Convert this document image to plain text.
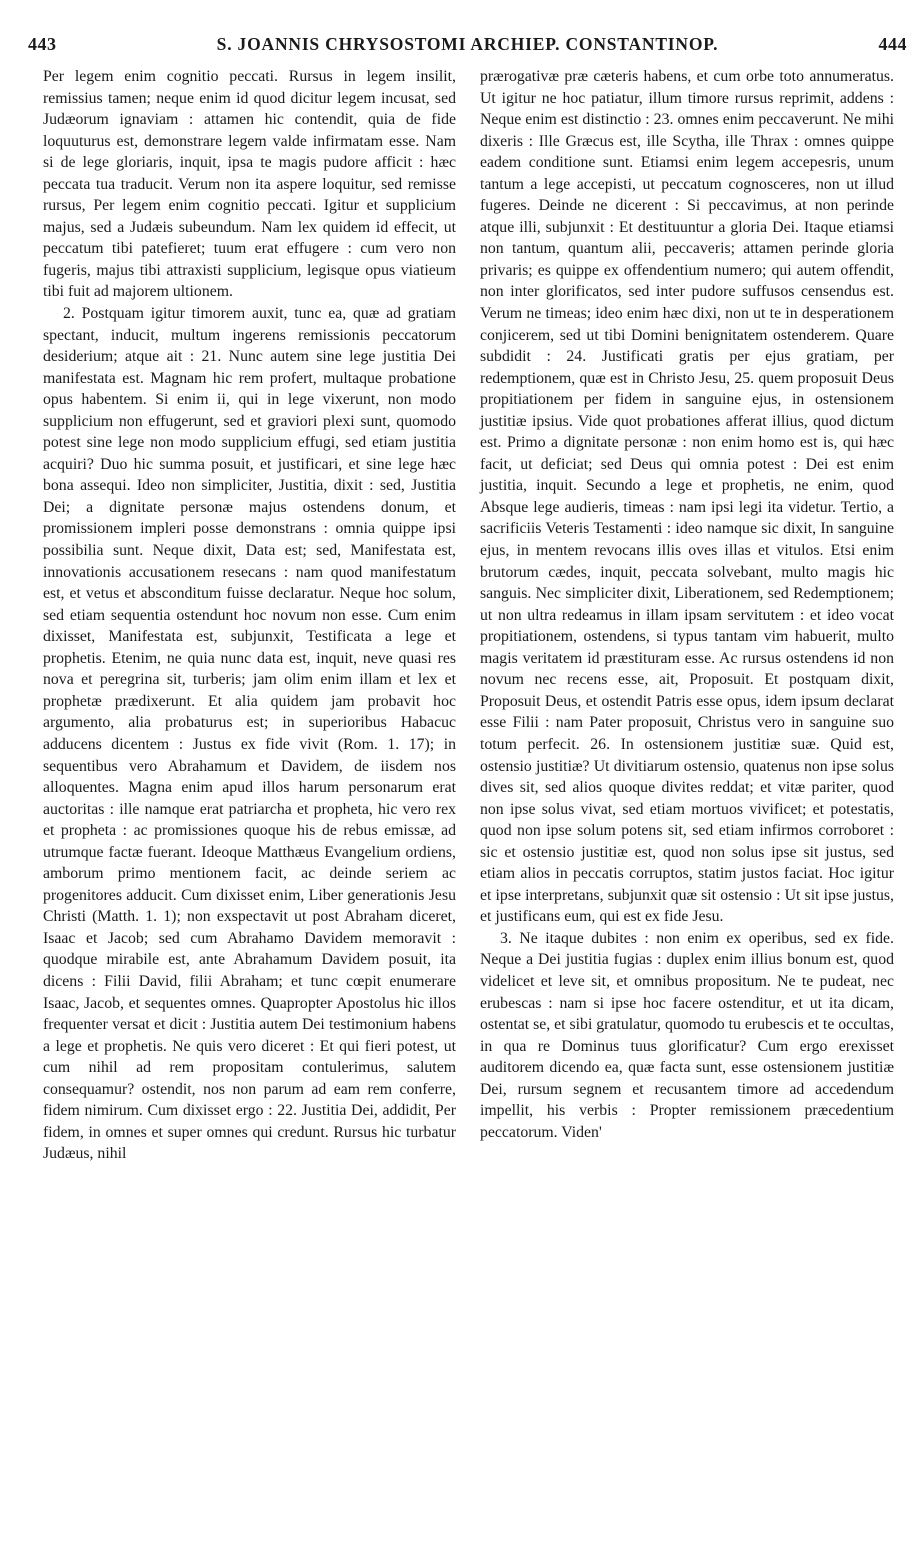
443	S. JOANNIS CHRYSOSTOMI ARCHIEP. CONSTANTINOP.	444

Per legem enim cognitio peccati. Rursus in legem insilit, remissius tamen; neque enim id quod dicitur legem incusat, sed Judæorum ignaviam : attamen hic contendit, quia de fide loquuturus est, demonstrare legem valde infirmatam esse. Nam si de lege gloriaris, inquit, ipsa te magis pudore afficit : hæc peccata tua traducit. Verum non ita aspere loquitur, sed remisse rursus, Per legem enim cognitio peccati. Igitur et supplicium majus, sed a Judæis subeundum. Nam lex quidem id effecit, ut peccatum tibi patefieret; tuum erat effugere : cum vero non fugeris, majus tibi attraxisti supplicium, legisque opus viatieum tibi fuit ad majorem ultionem.

2. Postquam igitur timorem auxit, tunc ea, quæ ad gratiam spectant, inducit, multum ingerens remissionis peccatorum desiderium; atque ait : 21. Nunc autem sine lege justitia Dei manifestata est. Magnam hic rem profert, multaque probatione opus habentem. Si enim ii, qui in lege vixerunt, non modo supplicium non effugerunt, sed et graviori plexi sunt, quomodo potest sine lege non modo supplicium effugi, sed etiam justitia acquiri? Duo hic summa posuit, et justificari, et sine lege hæc bona assequi. Ideo non simpliciter, Justitia, dixit : sed, Justitia Dei; a dignitate personæ majus ostendens donum, et promissionem impleri posse demonstrans : omnia quippe ipsi possibilia sunt. Neque dixit, Data est; sed, Manifestata est, innovationis accusationem resecans : nam quod manifestatum est, et vetus et absconditum fuisse declaratur. Neque hoc solum, sed etiam sequentia ostendunt hoc novum non esse. Cum enim dixisset, Manifestata est, subjunxit, Testificata a lege et prophetis. Etenim, ne quia nunc data est, inquit, neve quasi res nova et peregrina sit, turberis; jam olim enim illam et lex et prophetæ prædixerunt. Et alia quidem jam probavit hoc argumento, alia probaturus est; in superioribus Habacuc adducens dicentem : Justus ex fide vivit (Rom. 1. 17); in sequentibus vero Abrahamum et Davidem, de iisdem nos alloquentes. Magna enim apud illos harum personarum erat auctoritas : ille namque erat patriarcha et propheta, hic vero rex et propheta : ac promissiones quoque his de rebus emissæ, ad utrumque factæ fuerant. Ideoque Matthæus Evangelium ordiens, amborum primo mentionem facit, ac deinde seriem ac progenitores adducit. Cum dixisset enim, Liber generationis Jesu Christi (Matth. 1. 1); non exspectavit ut post Abraham diceret, Isaac et Jacob; sed cum Abrahamo Davidem memoravit : quodque mirabile est, ante Abrahamum Davidem posuit, ita dicens : Filii David, filii Abraham; et tunc cœpit enumerare Isaac, Jacob, et sequentes omnes. Quapropter Apostolus hic illos frequenter versat et dicit : Justitia autem Dei testimonium habens a lege et prophetis. Ne quis vero diceret : Et qui fieri potest, ut cum nihil ad rem propositam contulerimus, salutem consequamur? ostendit, nos non parum ad eam rem conferre, fidem nimirum. Cum dixisset ergo : 22. Justitia Dei, addidit, Per fidem, in omnes et super omnes qui credunt. Rursus hic turbatur Judæus, nihil

prærogativæ præ cæteris habens, et cum orbe toto annumeratus. Ut igitur ne hoc patiatur, illum timore rursus reprimit, addens : Neque enim est distinctio : 23. omnes enim peccaverunt. Ne mihi dixeris : Ille Græcus est, ille Scytha, ille Thrax : omnes quippe eadem conditione sunt. Etiamsi enim legem accepesris, unum tantum a lege accepisti, ut peccatum cognosceres, non ut illud fugeres. Deinde ne dicerent : Si peccavimus, at non perinde atque illi, subjunxit : Et destituuntur a gloria Dei. Itaque etiamsi non tantum, quantum alii, peccaveris; attamen perinde gloria privaris; es quippe ex offendentium numero; qui autem offendit, non inter glorificatos, sed inter pudore suffusos censendus est. Verum ne timeas; ideo enim hæc dixi, non ut te in desperationem conjicerem, sed ut tibi Domini benignitatem ostenderem. Quare subdidit : 24. Justificati gratis per ejus gratiam, per redemptionem, quæ est in Christo Jesu, 25. quem proposuit Deus propitiationem per fidem in sanguine ejus, in ostensionem justitiæ ipsius. Vide quot probationes afferat illius, quod dictum est. Primo a dignitate personæ : non enim homo est is, qui hæc facit, ut deficiat; sed Deus qui omnia potest : Dei est enim justitia, inquit. Secundo a lege et prophetis, ne enim, quod Absque lege audieris, timeas : nam ipsi legi ita videtur. Tertio, a sacrificiis Veteris Testamenti : ideo namque sic dixit, In sanguine ejus, in mentem revocans illis oves illas et vitulos. Etsi enim brutorum cædes, inquit, peccata solvebant, multo magis hic sanguis. Nec simpliciter dixit, Liberationem, sed Redemptionem; ut non ultra redeamus in illam ipsam servitutem : et ideo vocat propitiationem, ostendens, si typus tantam vim habuerit, multo magis veritatem id præstituram esse. Ac rursus ostendens id non novum nec recens esse, ait, Proposuit. Et postquam dixit, Proposuit Deus, et ostendit Patris esse opus, idem ipsum declarat esse Filii : nam Pater proposuit, Christus vero in sanguine suo totum perfecit. 26. In ostensionem justitiæ suæ. Quid est, ostensio justitiæ? Ut divitiarum ostensio, quatenus non ipse solus dives sit, sed alios quoque divites reddat; et vitæ pariter, quod non ipse solus vivat, sed etiam mortuos vivificet; et potestatis, quod non ipse solum potens sit, sed etiam infirmos corroboret : sic et ostensio justitiæ est, quod non solus ipse sit justus, sed etiam alios in peccatis corruptos, statim justos faciat. Hoc igitur et ipse interpretans, subjunxit quæ sit ostensio : Ut sit ipse justus, et justificans eum, qui est ex fide Jesu.

3. Ne itaque dubites : non enim ex operibus, sed ex fide. Neque a Dei justitia fugias : duplex enim illius bonum est, quod videlicet et leve sit, et omnibus propositum. Ne te pudeat, nec erubescas : nam si ipse hoc facere ostenditur, et ut ita dicam, ostentat se, et sibi gratulatur, quomodo tu erubescis et te occultas, in qua re Dominus tuus glorificatur? Cum ergo erexisset auditorem dicendo ea, quæ facta sunt, esse ostensionem justitiæ Dei, rursum segnem et recusantem timore ad accedendum impellit, his verbis : Propter remissionem præcedentium peccatorum. Viden'
